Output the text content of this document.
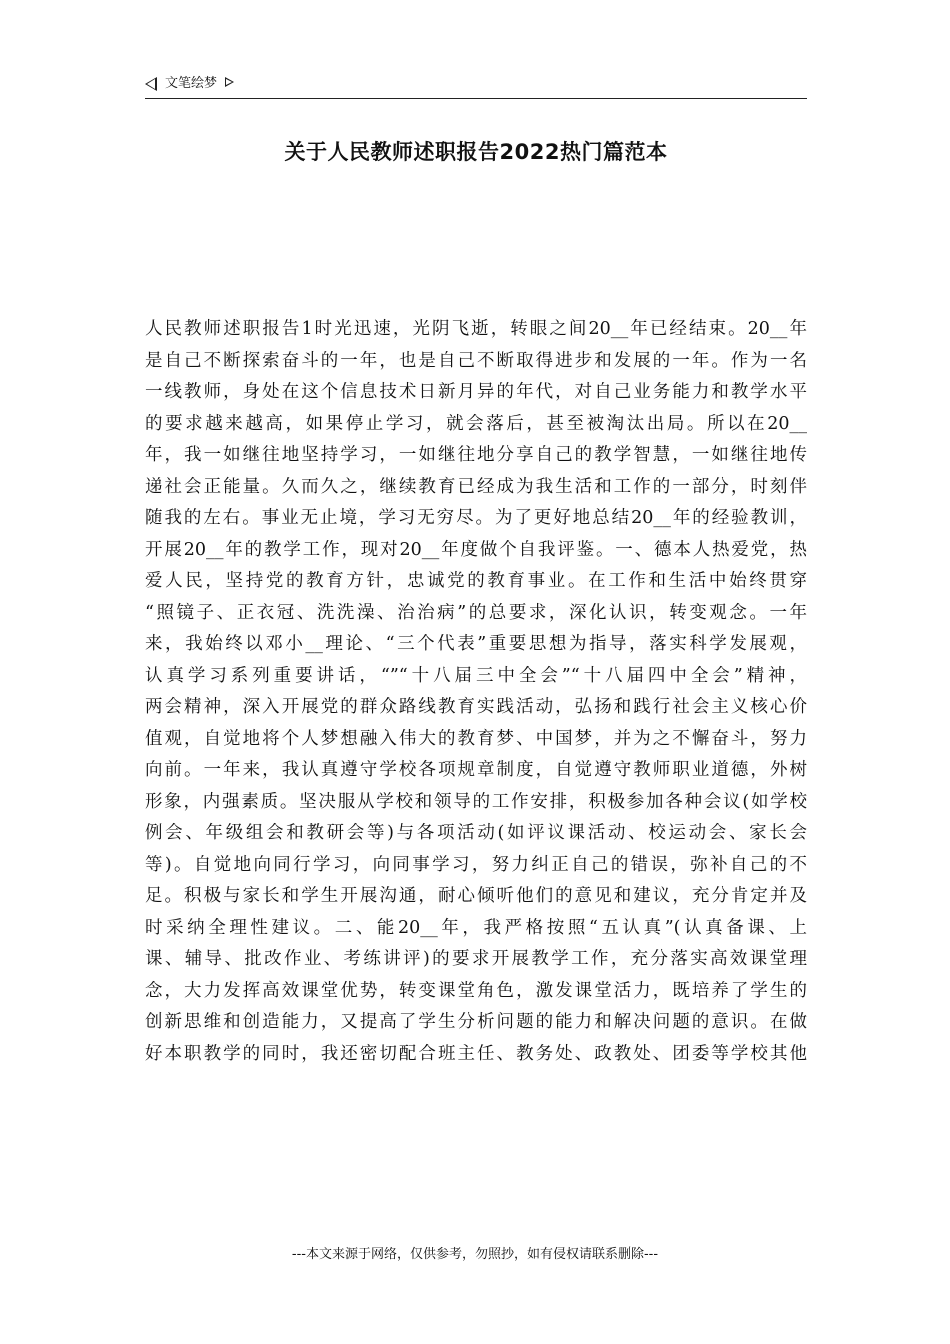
文笔绘梦
关于人民教师述职报告2022热门篇范本
人民教师述职报告1时光迅速，光阴飞逝，转眼之间20__年已经结束。20__年
是自己不断探索奋斗的一年，也是自己不断取得进步和发展的一年。作为一名
一线教师，身处在这个信息技术日新月异的年代，对自己业务能力和教学水平
的要求越来越高，如果停止学习，就会落后，甚至被淘汰出局。所以在20__
年，我一如继往地坚持学习，一如继往地分享自己的教学智慧，一如继往地传
递社会正能量。久而久之，继续教育已经成为我生活和工作的一部分，时刻伴
随我的左右。事业无止境，学习无穷尽。为了更好地总结20__年的经验教训，
开展20__年的教学工作，现对20__年度做个自我评鉴。一、德本人热爱党，热
爱人民，坚持党的教育方针，忠诚党的教育事业。在工作和生活中始终贯穿
“照镜子、正衣冠、洗洗澡、治治病”的总要求，深化认识，转变观念。一年
来，我始终以邓小__理论、“三个代表”重要思想为指导，落实科学发展观，
认真学习系列重要讲话，“”“十八届三中全会”“十八届四中全会”精神，
两会精神，深入开展党的群众路线教育实践活动，弘扬和践行社会主义核心价
值观，自觉地将个人梦想融入伟大的教育梦、中国梦，并为之不懈奋斗，努力
向前。一年来，我认真遵守学校各项规章制度，自觉遵守教师职业道德，外树
形象，内强素质。坚决服从学校和领导的工作安排，积极参加各种会议(如学校
例会、年级组会和教研会等)与各项活动(如评议课活动、校运动会、家长会
等)。自觉地向同行学习，向同事学习，努力纠正自己的错误，弥补自己的不
足。积极与家长和学生开展沟通，耐心倾听他们的意见和建议，充分肯定并及
时采纳全理性建议。二、能20__年，我严格按照“五认真”(认真备课、上
课、辅导、批改作业、考练讲评)的要求开展教学工作，充分落实高效课堂理
念，大力发挥高效课堂优势，转变课堂角色，激发课堂活力，既培养了学生的
创新思维和创造能力，又提高了学生分析问题的能力和解决问题的意识。在做
好本职教学的同时，我还密切配合班主任、教务处、政教处、团委等学校其他
---本文来源于网络，仅供参考，勿照抄，如有侵权请联系删除---
